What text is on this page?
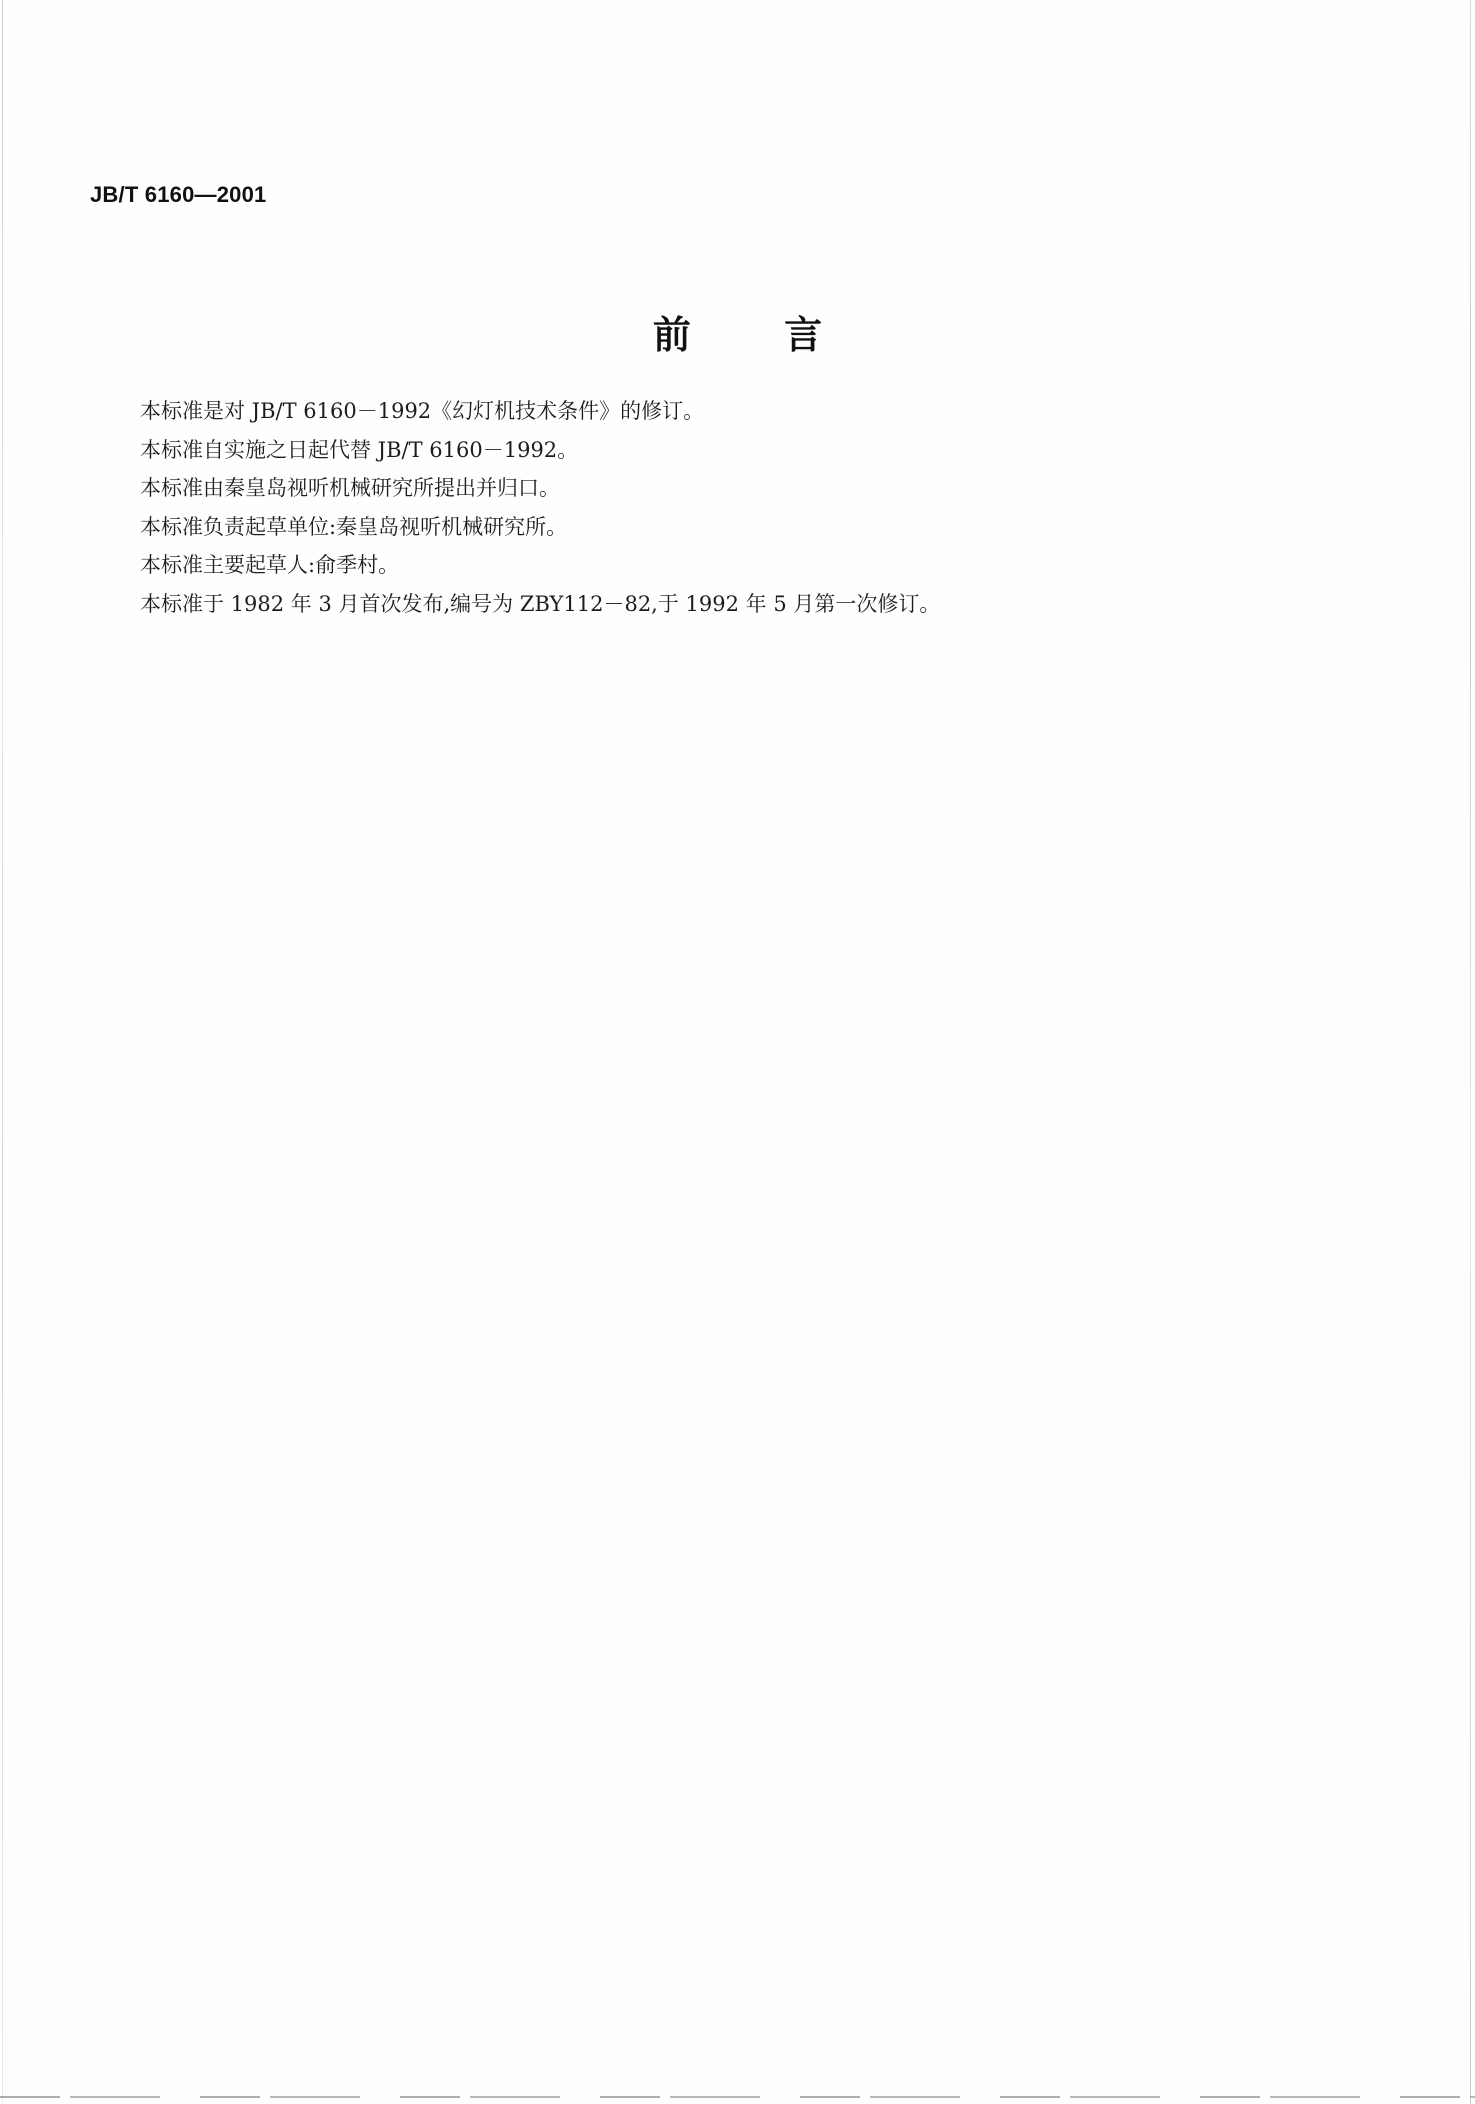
JB/T 6160—2001
前 言
本标准是对 JB/T 6160－1992《幻灯机技术条件》的修订。
本标准自实施之日起代替 JB/T 6160－1992。
本标准由秦皇岛视听机械研究所提出并归口。
本标准负责起草单位:秦皇岛视听机械研究所。
本标准主要起草人:俞季村。
本标准于 1982 年 3 月首次发布,编号为 ZBY112－82,于 1992 年 5 月第一次修订。
